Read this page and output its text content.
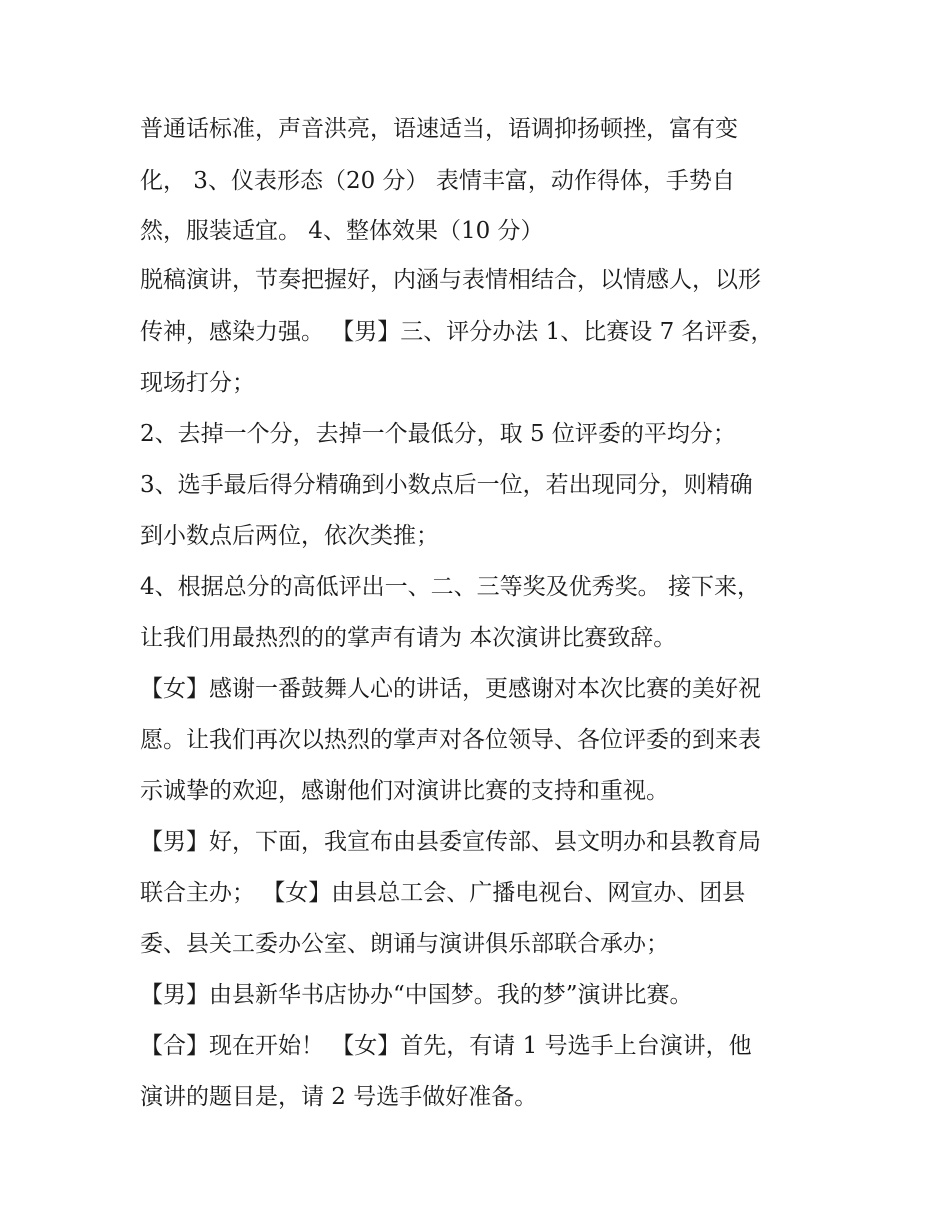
普通话标准，声音洪亮，语速适当，语调抑扬顿挫，富有变
化， 3、仪表形态（20 分） 表情丰富，动作得体，手势自
然，服装适宜。 4、整体效果（10 分）
脱稿演讲，节奏把握好，内涵与表情相结合，以情感人，以形
传神，感染力强。 【男】三、评分办法 1、比赛设 7 名评委，
现场打分；
2、去掉一个分，去掉一个最低分，取 5 位评委的平均分；
3、选手最后得分精确到小数点后一位，若出现同分，则精确
到小数点后两位，依次类推；
4、根据总分的高低评出一、二、三等奖及优秀奖。 接下来，
让我们用最热烈的的掌声有请为 本次演讲比赛致辞。
【女】感谢一番鼓舞人心的讲话，更感谢对本次比赛的美好祝
愿。让我们再次以热烈的掌声对各位领导、各位评委的到来表
示诚挚的欢迎，感谢他们对演讲比赛的支持和重视。
【男】好，下面，我宣布由县委宣传部、县文明办和县教育局
联合主办； 【女】由县总工会、广播电视台、网宣办、团县
委、县关工委办公室、朗诵与演讲俱乐部联合承办；
【男】由县新华书店协办“中国梦。我的梦”演讲比赛。
【合】现在开始！ 【女】首先，有请 1 号选手上台演讲，他
演讲的题目是，请 2 号选手做好准备。
